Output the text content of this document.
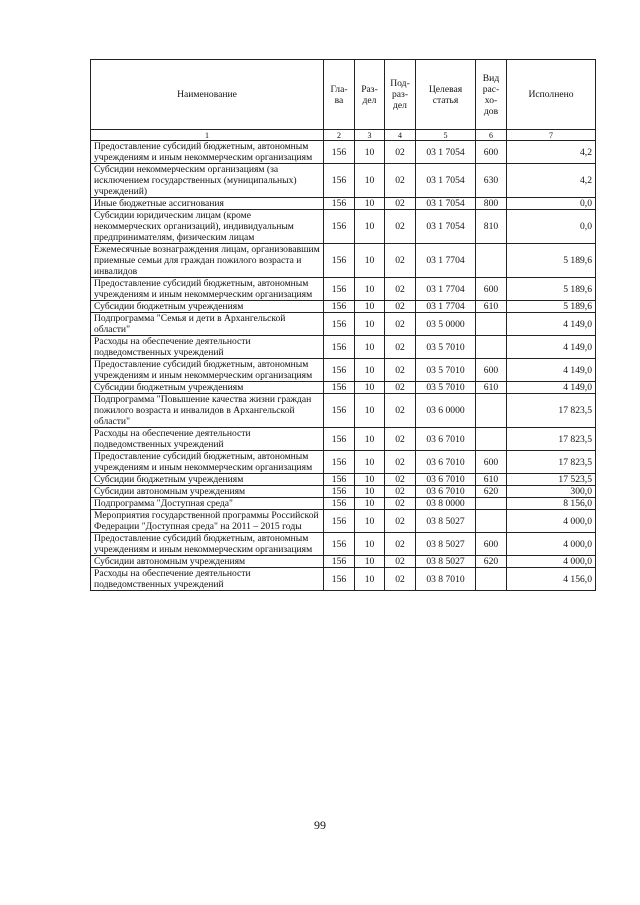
Наименование	Гла-ва	Раз-дел	Под-раз-дел	Целевая статья	Вид рас-хо-дов	Исполнено
1	2	3	4	5	6	7
Предоставление субсидий бюджетным, автономным учреждениям и иным некоммерческим организациям	156	10	02	03 1 7054	600	4,2
Субсидии некоммерческим организациям (за исключением государственных (муниципальных) учреждений)	156	10	02	03 1 7054	630	4,2
Иные бюджетные ассигнования	156	10	02	03 1 7054	800	0,0
Субсидии юридическим лицам (кроме некоммерческих организаций), индивидуальным предпринимателям, физическим лицам	156	10	02	03 1 7054	810	0,0
Ежемесячные вознаграждения лицам, организовавшим приемные семьи для граждан пожилого возраста и инвалидов	156	10	02	03 1 7704		5 189,6
Предоставление субсидий бюджетным, автономным учреждениям и иным некоммерческим организациям	156	10	02	03 1 7704	600	5 189,6
Субсидии бюджетным учреждениям	156	10	02	03 1 7704	610	5 189,6
Подпрограмма "Семья и дети в Архангельской области"	156	10	02	03 5 0000		4 149,0
Расходы на обеспечение деятельности подведомственных учреждений	156	10	02	03 5 7010		4 149,0
Предоставление субсидий бюджетным, автономным учреждениям и иным некоммерческим организациям	156	10	02	03 5 7010	600	4 149,0
Субсидии бюджетным учреждениям	156	10	02	03 5 7010	610	4 149,0
Подпрограмма "Повышение качества жизни граждан пожилого возраста и инвалидов в Архангельской области"	156	10	02	03 6 0000		17 823,5
Расходы на обеспечение деятельности подведомственных учреждений	156	10	02	03 6 7010		17 823,5
Предоставление субсидий бюджетным, автономным учреждениям и иным некоммерческим организациям	156	10	02	03 6 7010	600	17 823,5
Субсидии бюджетным учреждениям	156	10	02	03 6 7010	610	17 523,5
Субсидии автономным учреждениям	156	10	02	03 6 7010	620	300,0
Подпрограмма "Доступная среда"	156	10	02	03 8 0000		8 156,0
Мероприятия государственной программы Российской Федерации "Доступная среда" на 2011 – 2015 годы	156	10	02	03 8 5027		4 000,0
Предоставление субсидий бюджетным, автономным учреждениям и иным некоммерческим организациям	156	10	02	03 8 5027	600	4 000,0
Субсидии автономным учреждениям	156	10	02	03 8 5027	620	4 000,0
Расходы на обеспечение деятельности подведомственных учреждений	156	10	02	03 8 7010		4 156,0
99
